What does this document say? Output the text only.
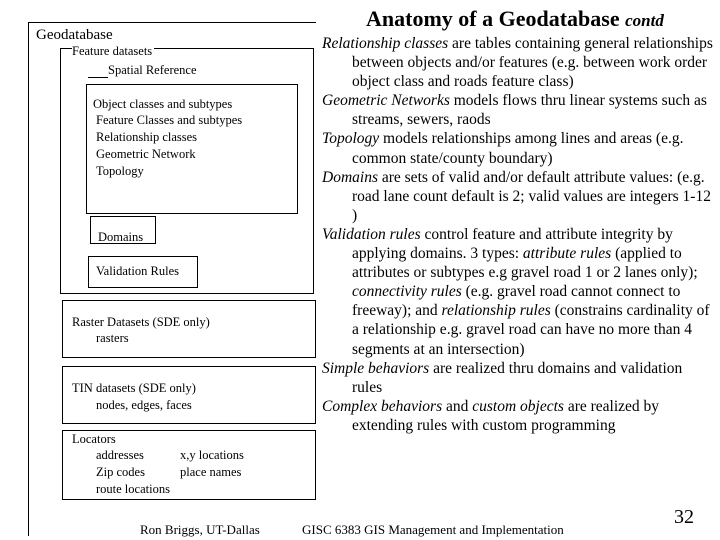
Geodatabase
Feature datasets
Spatial Reference
Object classes and subtypes
Feature Classes and subtypes
Relationship classes
Geometric Network
Topology
Domains
Validation Rules
Raster Datasets (SDE only)
rasters
TIN datasets (SDE only)
nodes, edges, faces
Locators
addresses
Zip codes
route locations
x,y locations
place names
Anatomy of a Geodatabase contd

Relationship classes are tables containing general relationships between objects and/or features (e.g. between work order object class and roads feature class)

Geometric Networks models flows thru linear systems such as streams, sewers, raods

Topology models relationships among lines and areas (e.g. common state/county boundary)

Domains are sets of valid and/or default attribute values: (e.g. road lane count default is 2; valid values are integers 1-12 )

Validation rules control feature and attribute integrity by applying domains. 3 types: attribute rules (applied to attributes or subtypes e.g gravel road 1 or 2 lanes only); connectivity rules (e.g. gravel road cannot connect to freeway); and relationship rules (constrains cardinality of a relationship e.g. gravel road can have no more than 4 segments at an intersection)

Simple behaviors are realized thru domains and validation rules

Complex behaviors and custom objects are realized by extending rules with custom programming

Ron Briggs, UT-Dallas	GISC 6383 GIS Management and Implementation
32
